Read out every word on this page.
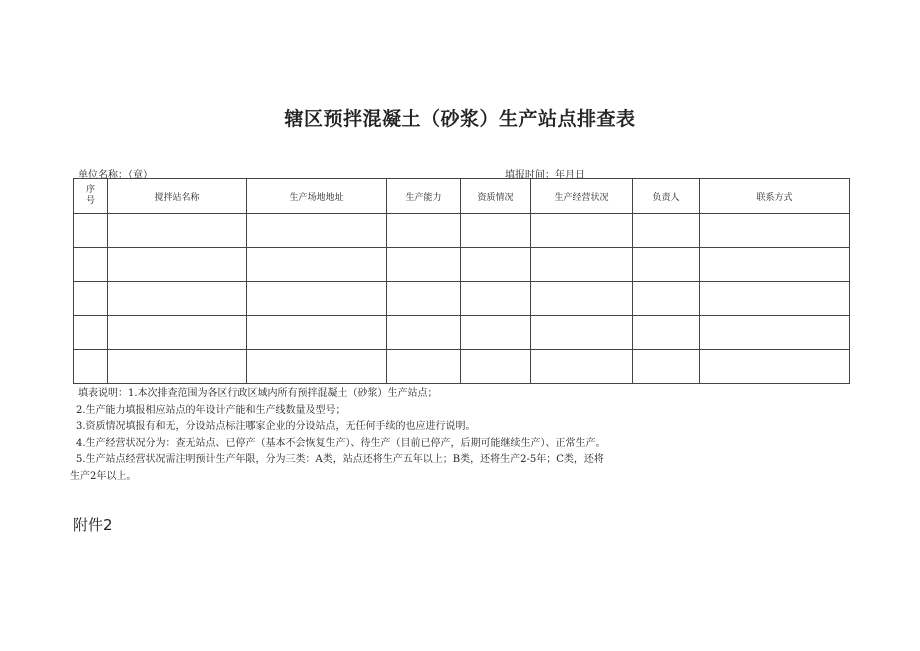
辖区预拌混凝土（砂浆）生产站点排查表
单位名称：（章）	填报时间：年月日
序
号	搅拌站名称	生产场地地址	生产能力	资质情况	生产经营状况	负责人	联系方式

填表说明：1.本次排查范围为各区行政区域内所有预拌混凝土（砂浆）生产站点；
2.生产能力填报相应站点的年设计产能和生产线数量及型号；
3.资质情况填报有和无，分设站点标注哪家企业的分设站点，无任何手续的也应进行说明。
4.生产经营状况分为：查无站点、已停产（基本不会恢复生产）、待生产（目前已停产，后期可能继续生产）、正常生产。
5.生产站点经营状况需注明预计生产年限，分为三类：A类，站点还将生产五年以上；B类，还将生产2-5年；C类，还将
生产2年以上。
附件2
